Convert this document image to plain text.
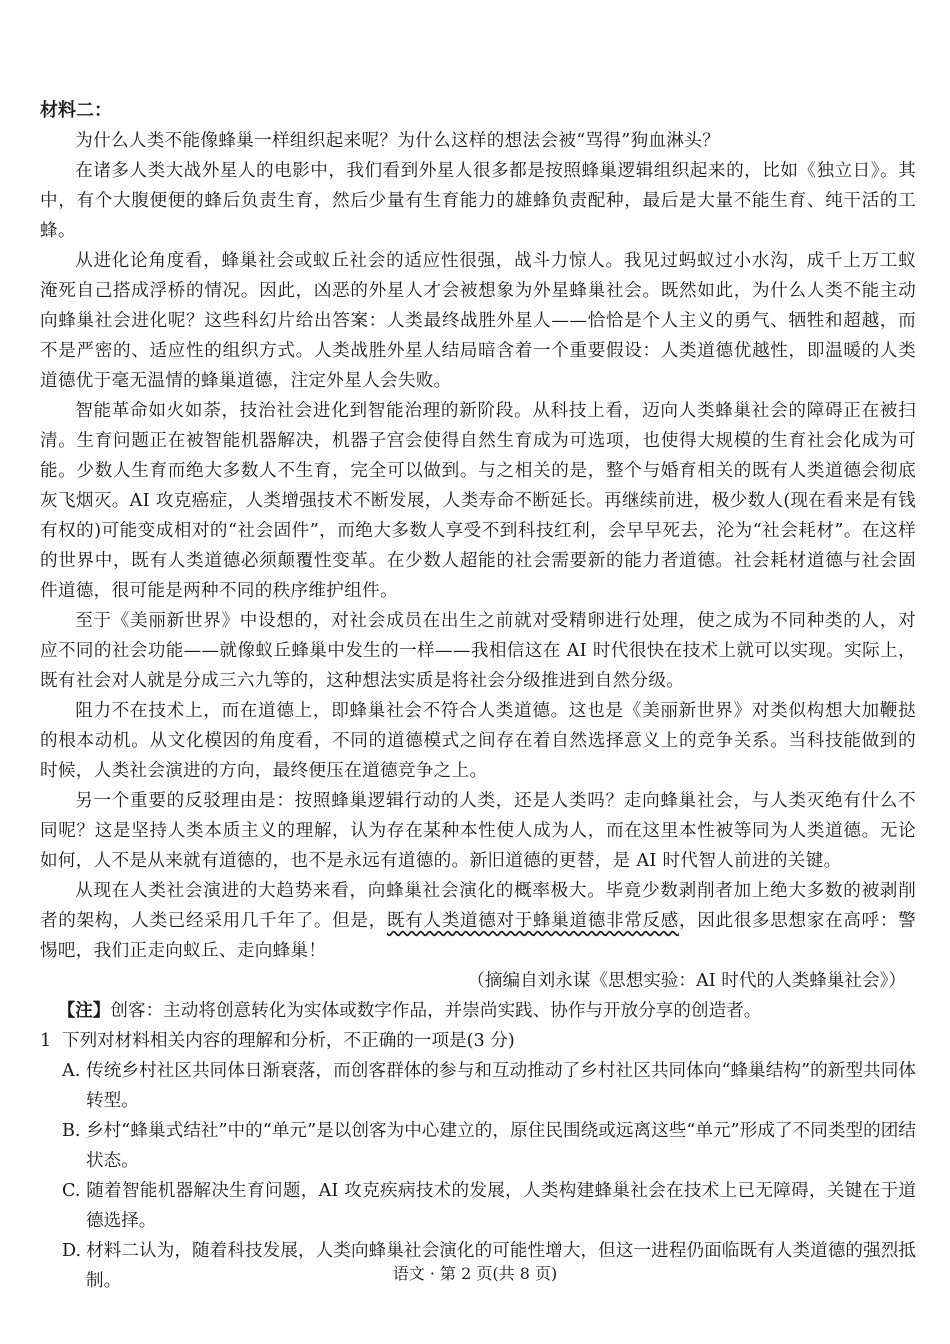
材料二：

为什么人类不能像蜂巢一样组织起来呢？为什么这样的想法会被“骂得”狗血淋头？

在诸多人类大战外星人的电影中，我们看到外星人很多都是按照蜂巢逻辑组织起来的，比如《独立日》。其中，有个大腹便便的蜂后负责生育，然后少量有生育能力的雄蜂负责配种，最后是大量不能生育、纯干活的工蜂。

从进化论角度看，蜂巢社会或蚁丘社会的适应性很强，战斗力惊人。我见过蚂蚁过小水沟，成千上万工蚁淹死自己搭成浮桥的情况。因此，凶恶的外星人才会被想象为外星蜂巢社会。既然如此，为什么人类不能主动向蜂巢社会进化呢？这些科幻片给出答案：人类最终战胜外星人——恰恰是个人主义的勇气、牺牲和超越，而不是严密的、适应性的组织方式。人类战胜外星人结局暗含着一个重要假设：人类道德优越性，即温暖的人类道德优于毫无温情的蜂巢道德，注定外星人会失败。

智能革命如火如荼，技治社会进化到智能治理的新阶段。从科技上看，迈向人类蜂巢社会的障碍正在被扫清。生育问题正在被智能机器解决，机器子宫会使得自然生育成为可选项，也使得大规模的生育社会化成为可能。少数人生育而绝大多数人不生育，完全可以做到。与之相关的是，整个与婚育相关的既有人类道德会彻底灰飞烟灭。AI 攻克癌症，人类增强技术不断发展，人类寿命不断延长。再继续前进，极少数人(现在看来是有钱有权的)可能变成相对的“社会固件”，而绝大多数人享受不到科技红利，会早早死去，沦为“社会耗材”。在这样的世界中，既有人类道德必须颠覆性变革。在少数人超能的社会需要新的能力者道德。社会耗材道德与社会固件道德，很可能是两种不同的秩序维护组件。

至于《美丽新世界》中设想的，对社会成员在出生之前就对受精卵进行处理，使之成为不同种类的人，对应不同的社会功能——就像蚁丘蜂巢中发生的一样——我相信这在 AI 时代很快在技术上就可以实现。实际上，既有社会对人就是分成三六九等的，这种想法实质是将社会分级推进到自然分级。

阻力不在技术上，而在道德上，即蜂巢社会不符合人类道德。这也是《美丽新世界》对类似构想大加鞭挞的根本动机。从文化模因的角度看，不同的道德模式之间存在着自然选择意义上的竞争关系。当科技能做到的时候，人类社会演进的方向，最终便压在道德竞争之上。

另一个重要的反驳理由是：按照蜂巢逻辑行动的人类，还是人类吗？走向蜂巢社会，与人类灭绝有什么不同呢？这是坚持人类本质主义的理解，认为存在某种本性使人成为人，而在这里本性被等同为人类道德。无论如何，人不是从来就有道德的，也不是永远有道德的。新旧道德的更替，是 AI 时代智人前进的关键。

从现在人类社会演进的大趋势来看，向蜂巢社会演化的概率极大。毕竟少数剥削者加上绝大多数的被剥削者的架构，人类已经采用几千年了。但是，既有人类道德对于蜂巢道德非常反感，因此很多思想家在高呼：警惕吧，我们正走向蚁丘、走向蜂巢！

（摘编自刘永谋《思想实验：AI 时代的人类蜂巢社会》）

【注】创客：主动将创意转化为实体或数字作品，并崇尚实践、协作与开放分享的创造者。

1 下列对材料相关内容的理解和分析，不正确的一项是(3 分)

A. 传统乡村社区共同体日渐衰落，而创客群体的参与和互动推动了乡村社区共同体向“蜂巢结构”的新型共同体转型。

B. 乡村“蜂巢式结社”中的“单元”是以创客为中心建立的，原住民围绕或远离这些“单元”形成了不同类型的团结状态。

C. 随着智能机器解决生育问题，AI 攻克疾病技术的发展，人类构建蜂巢社会在技术上已无障碍，关键在于道德选择。

D. 材料二认为，随着科技发展，人类向蜂巢社会演化的可能性增大，但这一进程仍面临既有人类道德的强烈抵制。	语文 · 第 2 页(共 8 页)
